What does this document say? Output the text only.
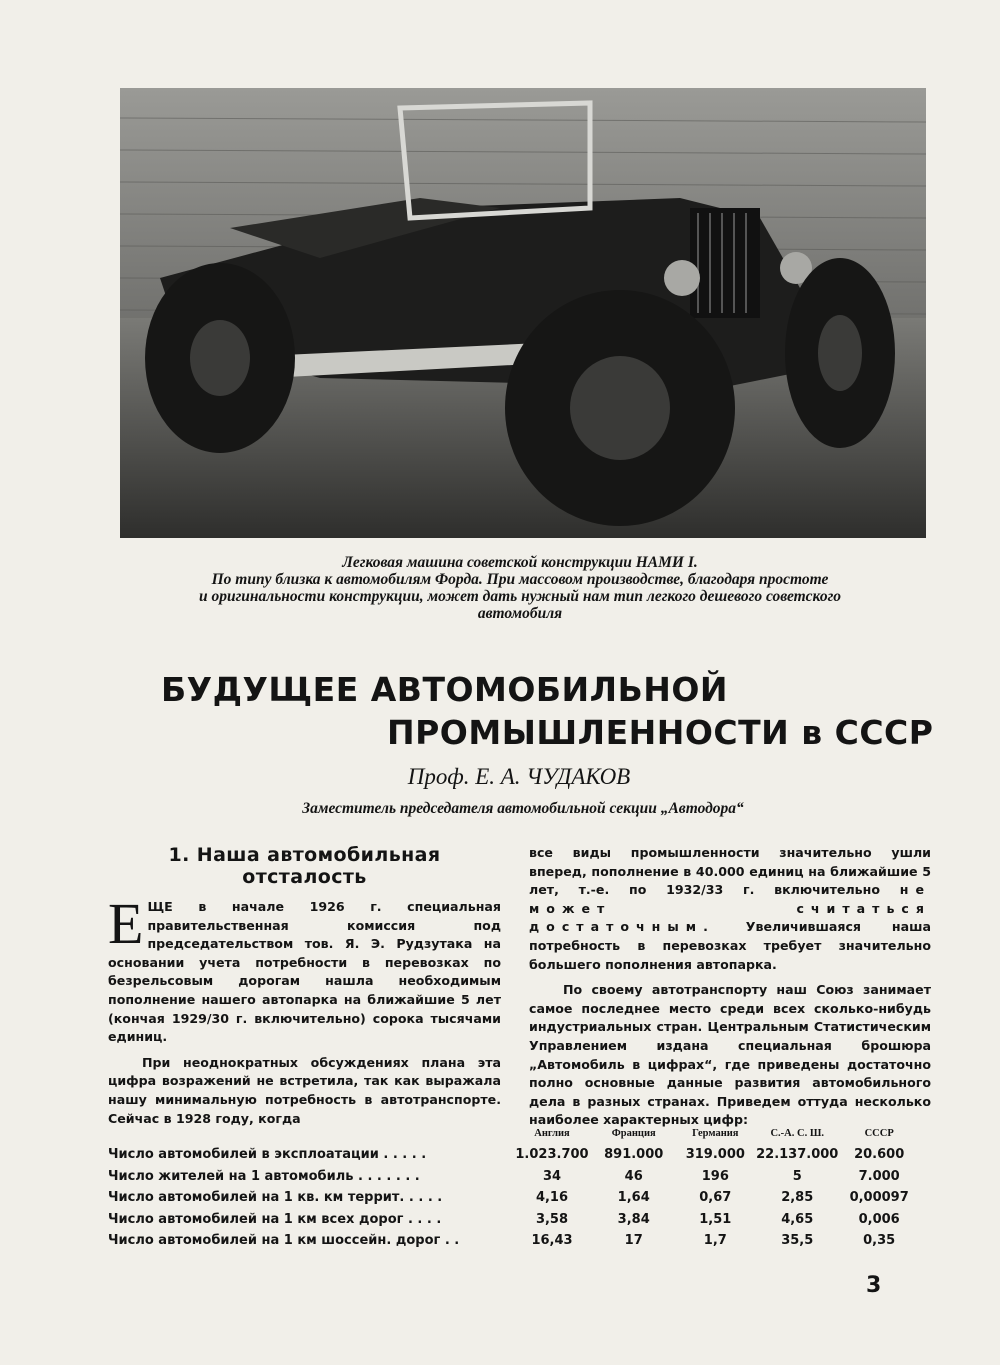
Легковая машина советской конструкции НАМИ I.
По типу близка к автомобилям Форда. При массовом производстве, благодаря простоте
и оригинальности конструкции, может дать нужный нам тип легкого дешевого советского
автомобиля

БУДУЩЕЕ АВТОМОБИЛЬНОЙ
ПРОМЫШЛЕННОСТИ в СССР
Проф. Е. А. ЧУДАКОВ
Заместитель председателя автомобильной секции „Автодора“
1. Наша автомобильная отсталость

ЕЩЕ в начале 1926 г. специальная правительственная комиссия под председательством тов. Я. Э. Рудзутака на основании учета потребности в перевозках по безрельсовым дорогам нашла необходимым пополнение нашего автопарка на ближайшие 5 лет (кончая 1929/30 г. включительно) сорока тысячами единиц.

При неоднократных обсуждениях плана эта цифра возражений не встретила, так как выражала нашу минимальную потребность в автотранспорте. Сейчас в 1928 году, когда

все виды промышленности значительно ушли вперед, пополнение в 40.000 единиц на ближайшие 5 лет, т.-е. по 1932/33 г. включительно не может считаться достаточным. Увеличившаяся наша потребность в перевозках требует значительно большего пополнения автопарка.

По своему автотранспорту наш Союз занимает самое последнее место среди всех сколько-нибудь индустриальных стран. Центральным Статистическим Управлением издана специальная брошюра „Автомобиль в цифрах“, где приведены достаточно полно основные данные развития автомобильного дела в разных странах. Приведем оттуда несколько наиболее характерных цифр:

	Англия	Франция	Германия	С.-А. С. Ш.	СССР
Число автомобилей в эксплоатации . . . . .	1.023.700	891.000	319.000	22.137.000	20.600
Число жителей на 1 автомобиль . . . . . . .	34	46	196	5	7.000
Число автомобилей на 1 кв. км террит. . . . .	4,16	1,64	0,67	2,85	0,00097
Число автомобилей на 1 км всех дорог . . . .	3,58	3,84	1,51	4,65	0,006
Число автомобилей на 1 км шоссейн. дорог . .	16,43	17	1,7	35,5	0,35
3
